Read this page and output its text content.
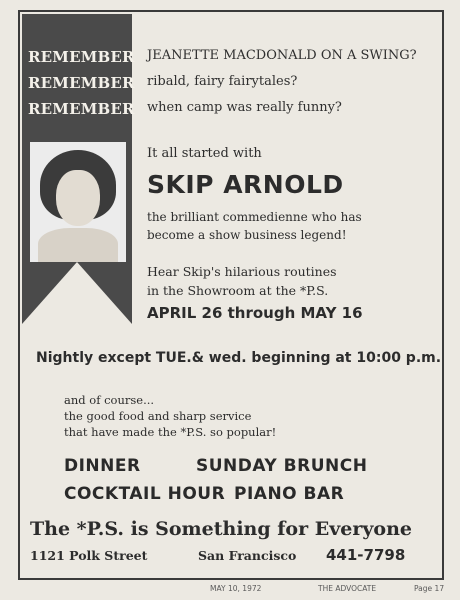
REMEMBER
REMEMBER
REMEMBER
JEANETTE MACDONALD ON A SWING?
ribald, fairy fairytales?
when camp was really funny?
It all started with
SKIP ARNOLD
the brilliant commedienne who has
become a show business legend!
Hear Skip's hilarious routines
in the Showroom at the *P.S.
APRIL 26 through MAY 16
Nightly except TUE.& wed. beginning at 10:00 p.m.
and of course...
the good food and sharp service
that have made the *P.S. so popular!
DINNER	SUNDAY BRUNCH
COCKTAIL HOUR PIANO BAR
The *P.S. is Something for Everyone
1121 Polk Street	San Francisco 441-7798
MAY 10, 1972	THE ADVOCATE	Page 17
